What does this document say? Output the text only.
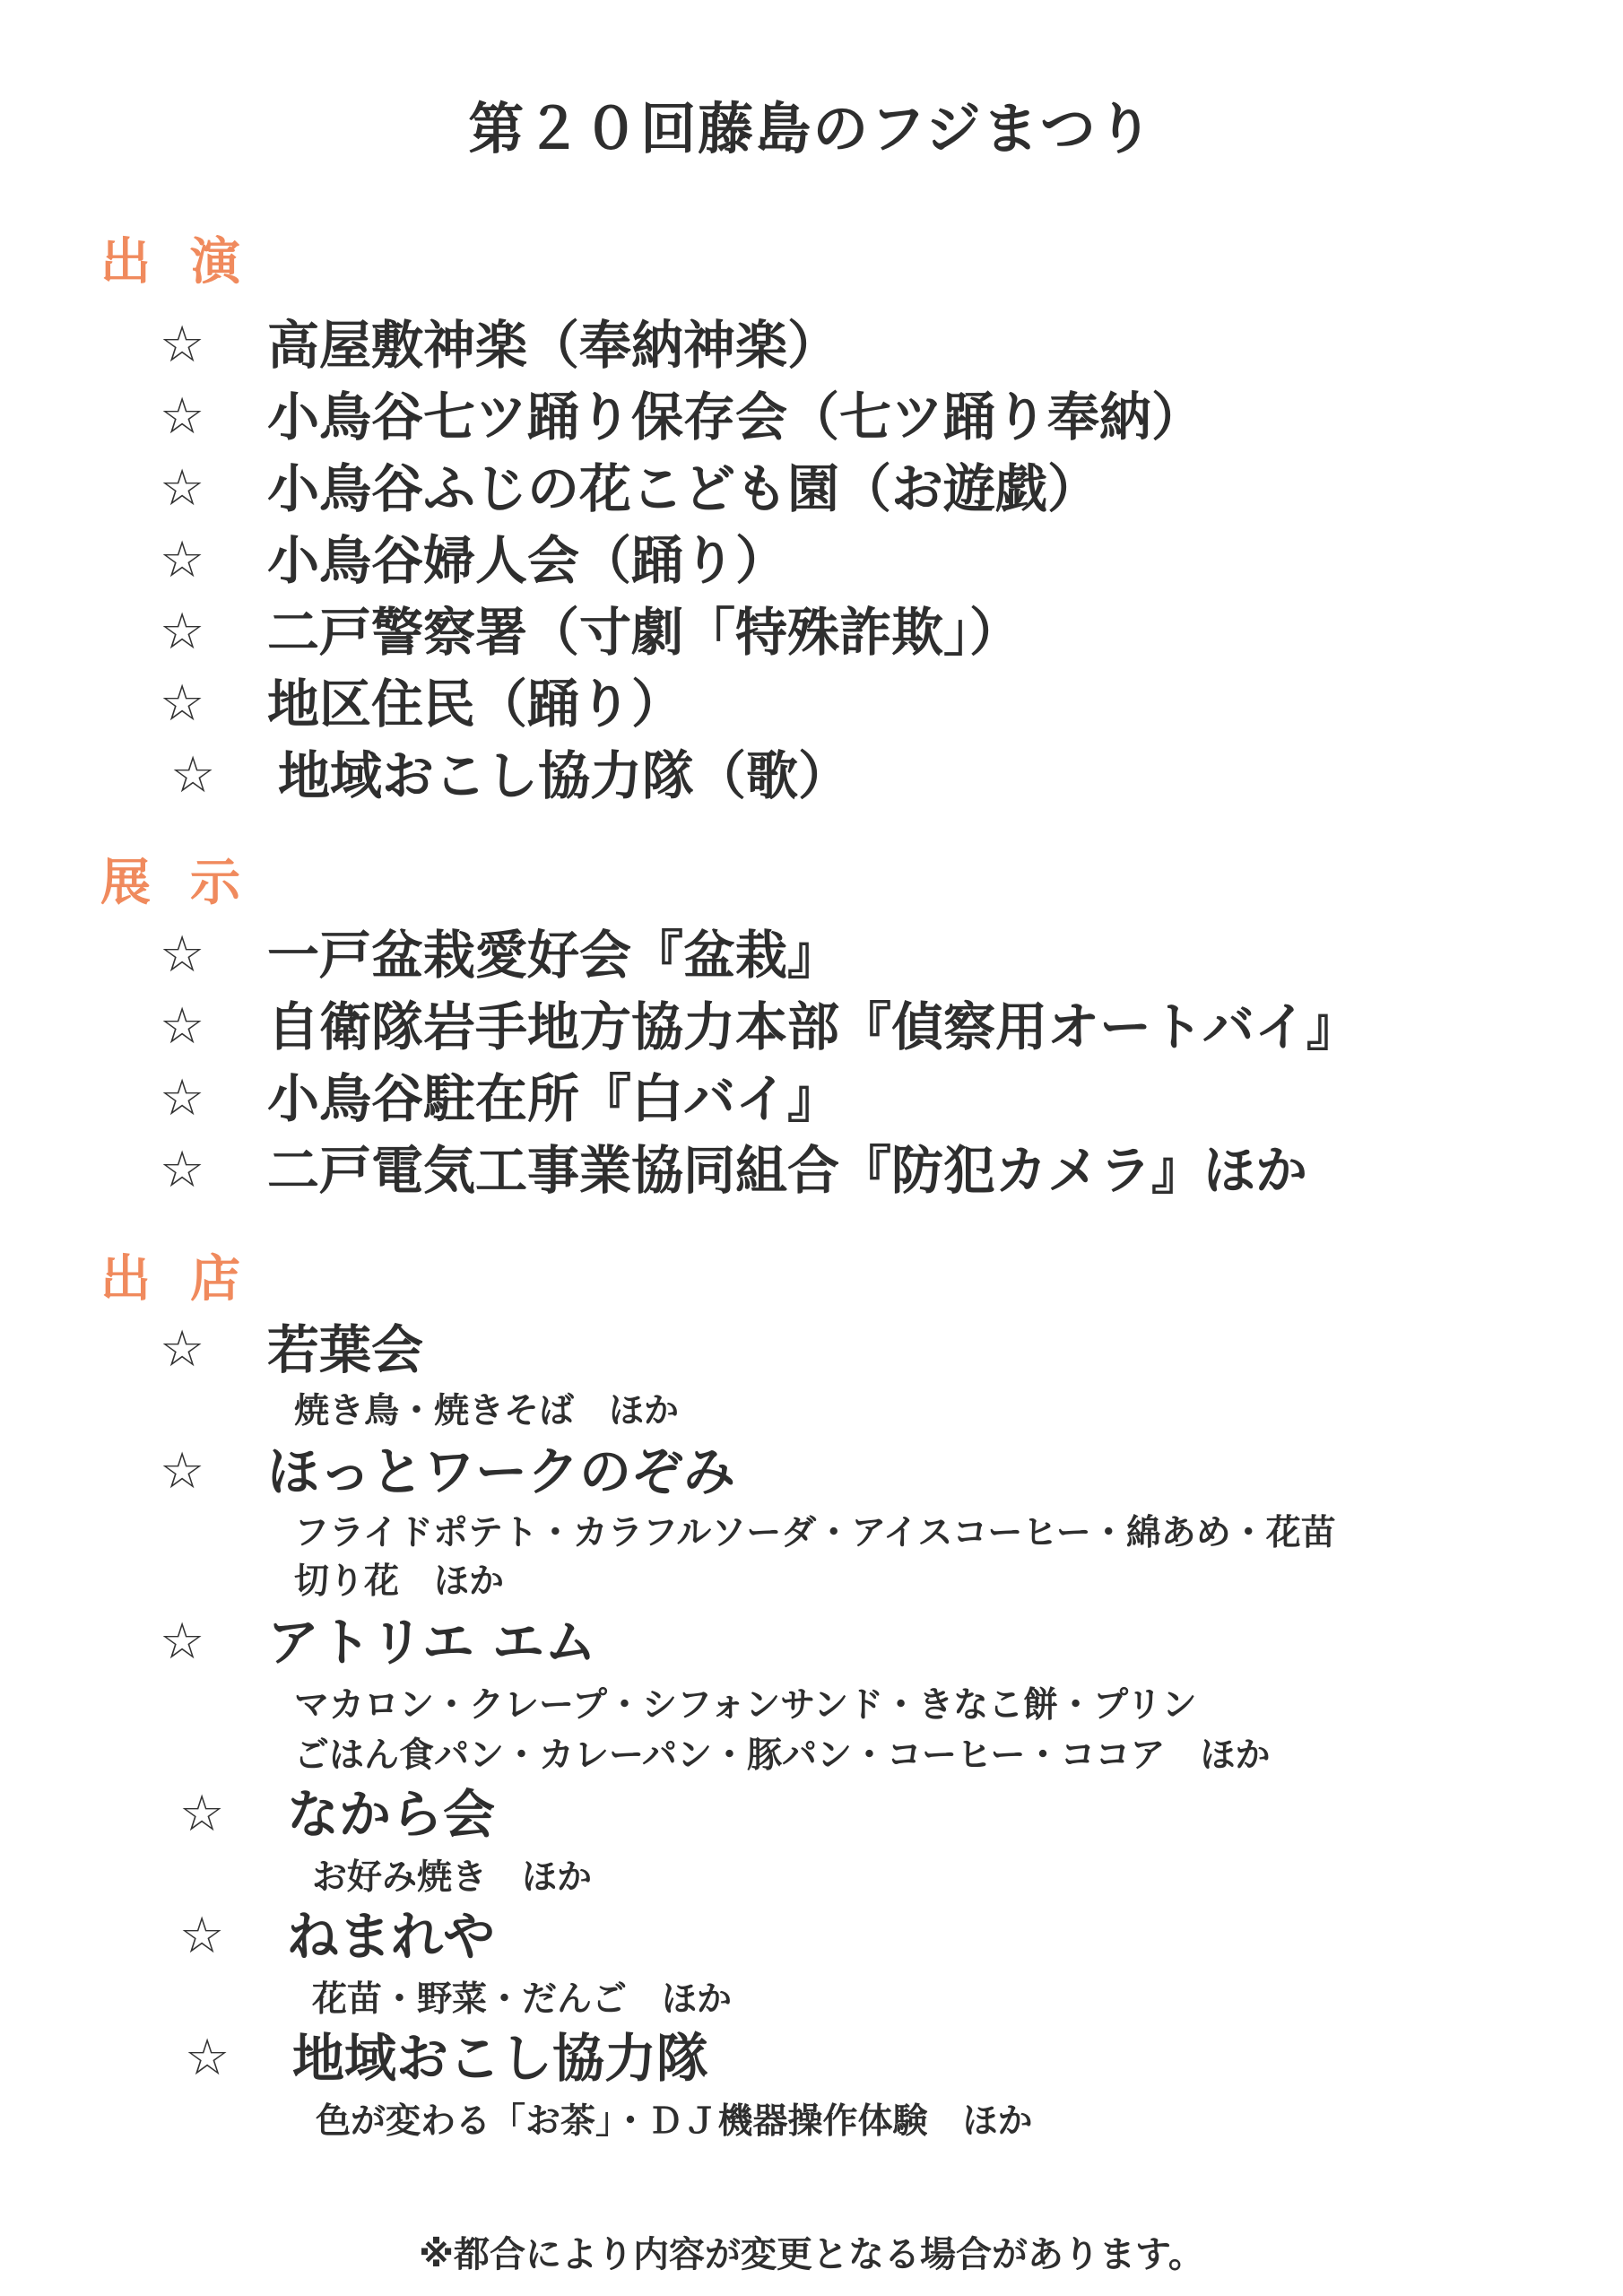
第２０回藤島のフジまつり
出演
☆ 高屋敷神楽（奉納神楽）
☆ 小鳥谷七ツ踊り保存会（七ツ踊り奉納）
☆ 小鳥谷ふじの花こども園（お遊戯）
☆ 小鳥谷婦人会（踊り）
☆ 二戸警察署（寸劇「特殊詐欺」）
☆ 地区住民（踊り）
☆ 地域おこし協力隊（歌）
展示
☆ 一戸盆栽愛好会『盆栽』
☆ 自衛隊岩手地方協力本部『偵察用オートバイ』
☆ 小鳥谷駐在所『白バイ』
☆ 二戸電気工事業協同組合『防犯カメラ』ほか
出店
☆ 若葉会
焼き鳥・焼きそば　ほか
☆ ほっとワークのぞみ
フライドポテト・カラフルソーダ・アイスコーヒー・綿あめ・花苗
切り花　ほか
☆ アトリエ エム
マカロン・クレープ・シフォンサンド・きなこ餅・プリン
ごはん食パン・カレーパン・豚パン・コーヒー・ココア　ほか
☆ なから会
お好み焼き　ほか
☆ ねまれや
花苗・野菜・だんご　ほか
☆ 地域おこし協力隊
色が変わる「お茶」・ＤＪ機器操作体験　ほか

※都合により内容が変更となる場合があります。
